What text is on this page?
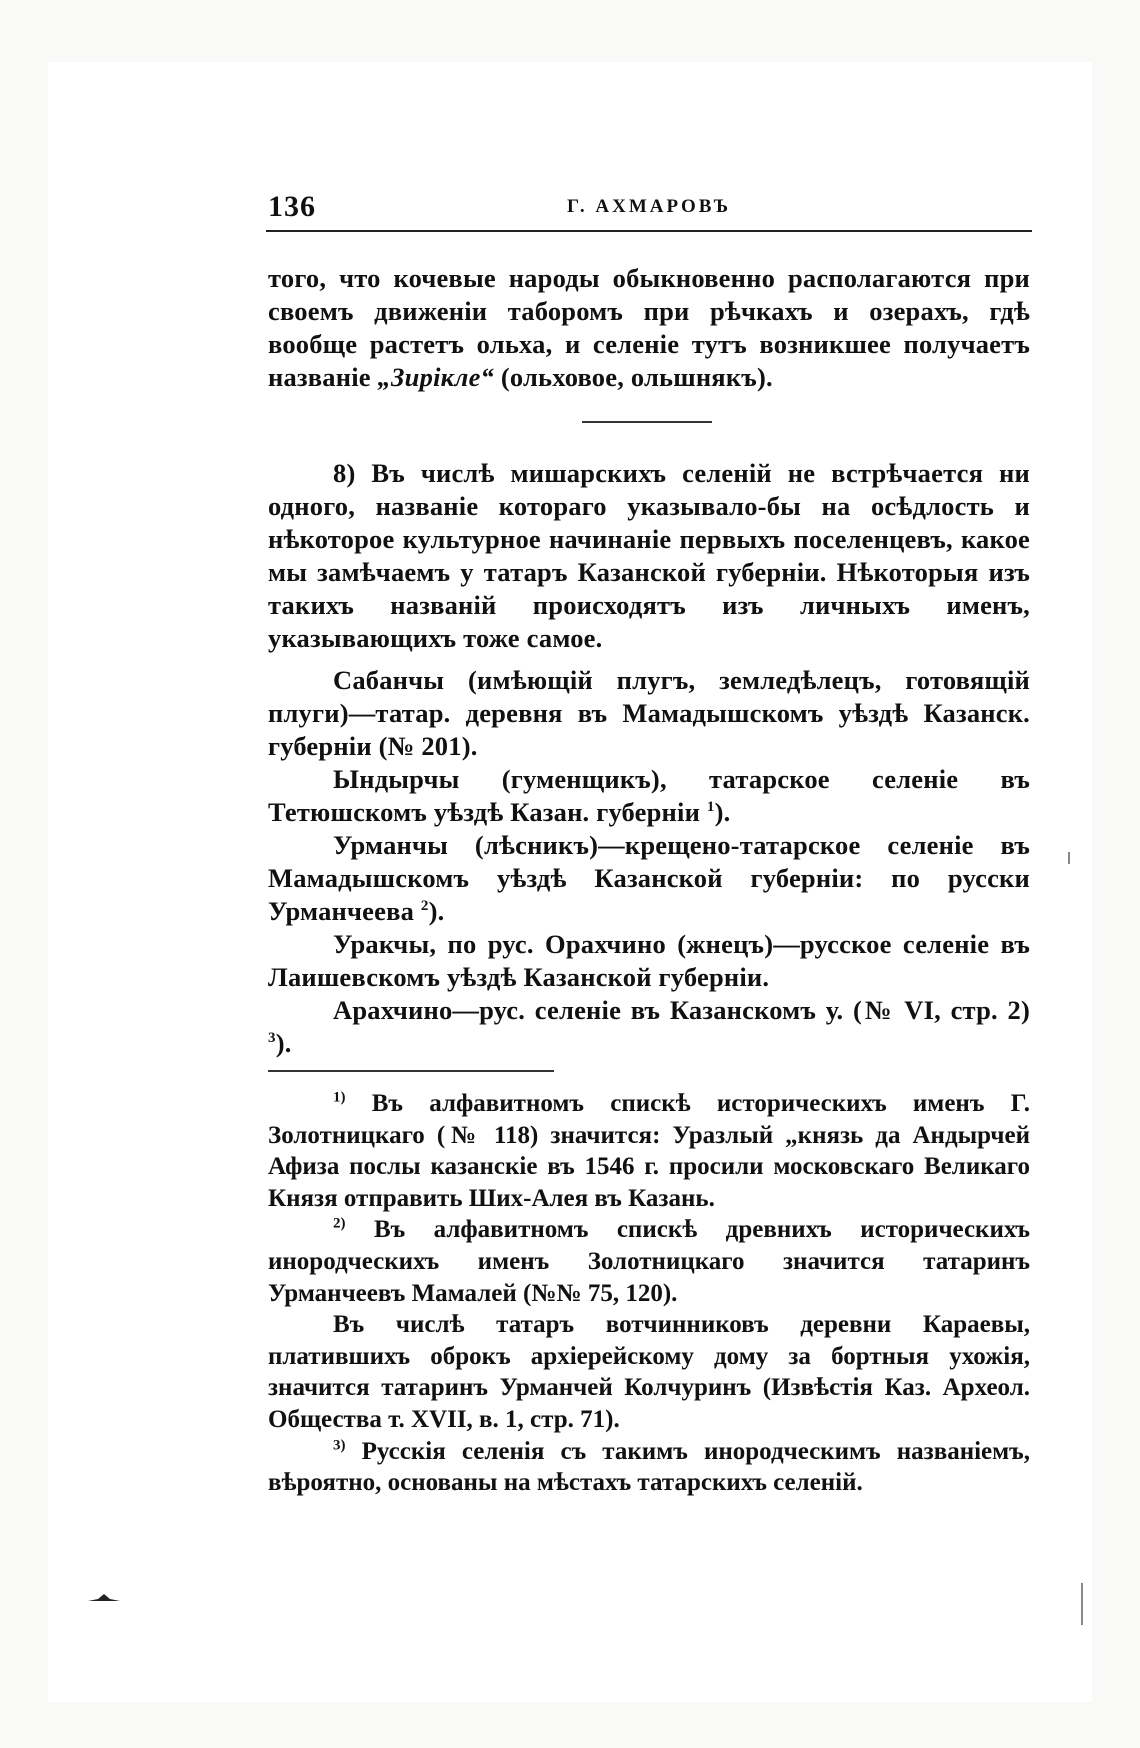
136	Г. АХМАРОВЪ

того, что кочевые народы обыкновенно располагаются при своемъ движеніи таборомъ при рѣчкахъ и озерахъ, гдѣ вообще растетъ ольха, и селеніе тутъ возникшее получаетъ названіе „Зирікле“ (ольховое, ольшнякъ).

8) Въ числѣ мишарскихъ селеній не встрѣчается ни одного, названіе котораго указывало-бы на осѣдлость и нѣкоторое культурное начинаніе первыхъ поселенцевъ, какое мы замѣчаемъ у татаръ Казанской губерніи. Нѣкоторыя изъ такихъ названій происходятъ изъ личныхъ именъ, указывающихъ тоже самое.

Сабанчы (имѣющій плугъ, земледѣлецъ, готовящій плуги)—татар. деревня въ Мамадышскомъ уѣздѣ Казанск. губерніи (№ 201).

Ындырчы (гуменщикъ), татарское селеніе въ Тетюшскомъ уѣздѣ Казан. губерніи $^1$).

Урманчы (лѣсникъ)—крещено-татарское селеніе въ Мамадышскомъ уѣздѣ Казанской губерніи: по русски Урманчеева $^2$).

Уракчы, по рус. Орахчино (жнецъ)—русское селеніе въ Лаишевскомъ уѣздѣ Казанской губерніи.

Арахчино—рус. селеніе въ Казанскомъ у. (№ VI, стр. 2) $^3$).

$^{1)}$ Въ алфавитномъ спискѣ историческихъ именъ Г. Золотницкаго (№ 118) значится: Уразлый „князь да Андырчей Афиза послы казанскіе въ 1546 г. просили московскаго Великаго Князя отправить Ших-Алея въ Казань.

$^{2)}$ Въ алфавитномъ спискѣ древнихъ историческихъ инородческихъ именъ Золотницкаго значится татаринъ Урманчеевъ Мамалей (№№ 75, 120).

Въ числѣ татаръ вотчинниковъ деревни Караевы, платившихъ оброкъ архіерейскому дому за бортныя ухожія, значится татаринъ Урманчей Колчуринъ (Извѣстія Каз. Археол. Общества т. XVII, в. 1, стр. 71).

$^{3)}$ Русскія селенія съ такимъ инородческимъ названіемъ, вѣроятно, основаны на мѣстахъ татарскихъ селеній.
